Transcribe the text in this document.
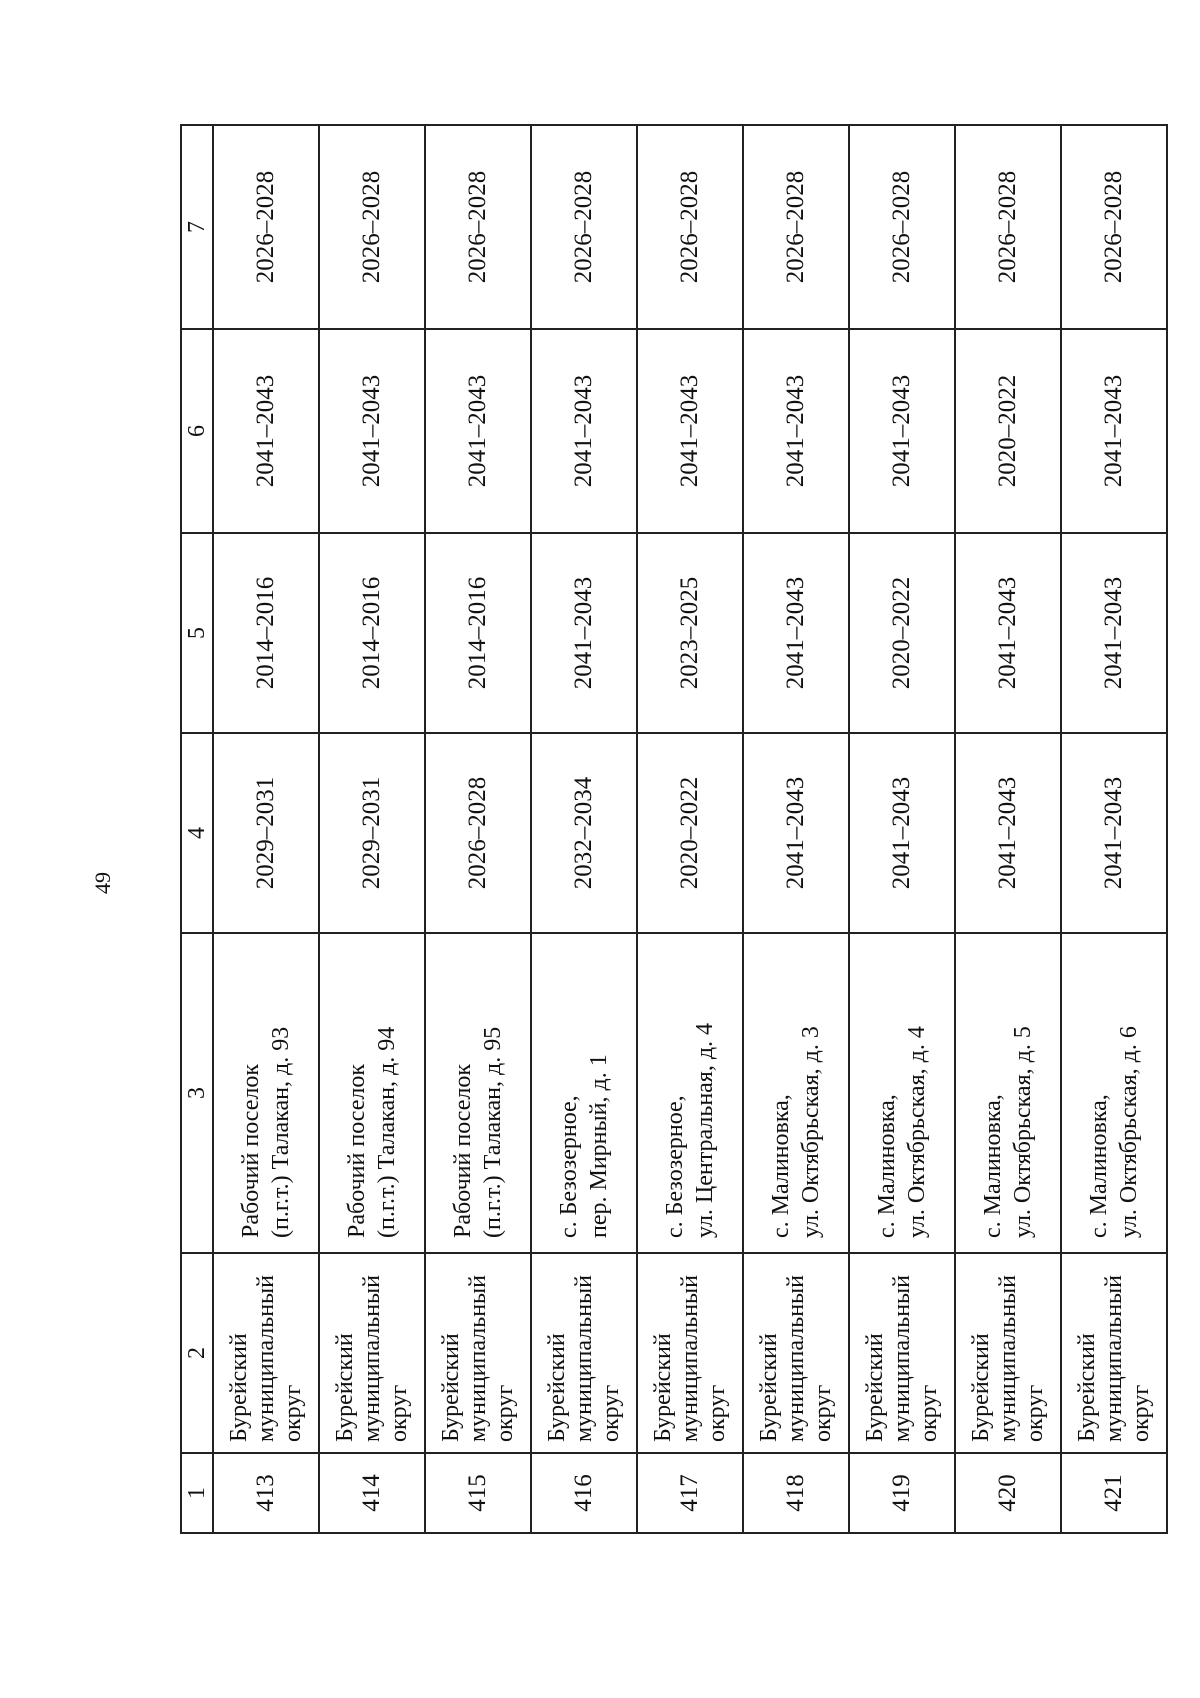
49
1	2	3	4	5	6	7
413	Бурейский муниципальный округ	Рабочий поселок (п.г.т.) Талакан, д. 93	2029–2031	2014–2016	2041–2043	2026–2028
414	Бурейский муниципальный округ	Рабочий поселок (п.г.т.) Талакан, д. 94	2029–2031	2014–2016	2041–2043	2026–2028
415	Бурейский муниципальный округ	Рабочий поселок (п.г.т.) Талакан, д. 95	2026–2028	2014–2016	2041–2043	2026–2028
416	Бурейский муниципальный округ	с. Безозерное, пер. Мирный, д. 1	2032–2034	2041–2043	2041–2043	2026–2028
417	Бурейский муниципальный округ	с. Безозерное, ул. Центральная, д. 4	2020–2022	2023–2025	2041–2043	2026–2028
418	Бурейский муниципальный округ	с. Малиновка, ул. Октябрьская, д. 3	2041–2043	2041–2043	2041–2043	2026–2028
419	Бурейский муниципальный округ	с. Малиновка, ул. Октябрьская, д. 4	2041–2043	2020–2022	2041–2043	2026–2028
420	Бурейский муниципальный округ	с. Малиновка, ул. Октябрьская, д. 5	2041–2043	2041–2043	2020–2022	2026–2028
421	Бурейский муниципальный округ	с. Малиновка, ул. Октябрьская, д. 6	2041–2043	2041–2043	2041–2043	2026–2028
